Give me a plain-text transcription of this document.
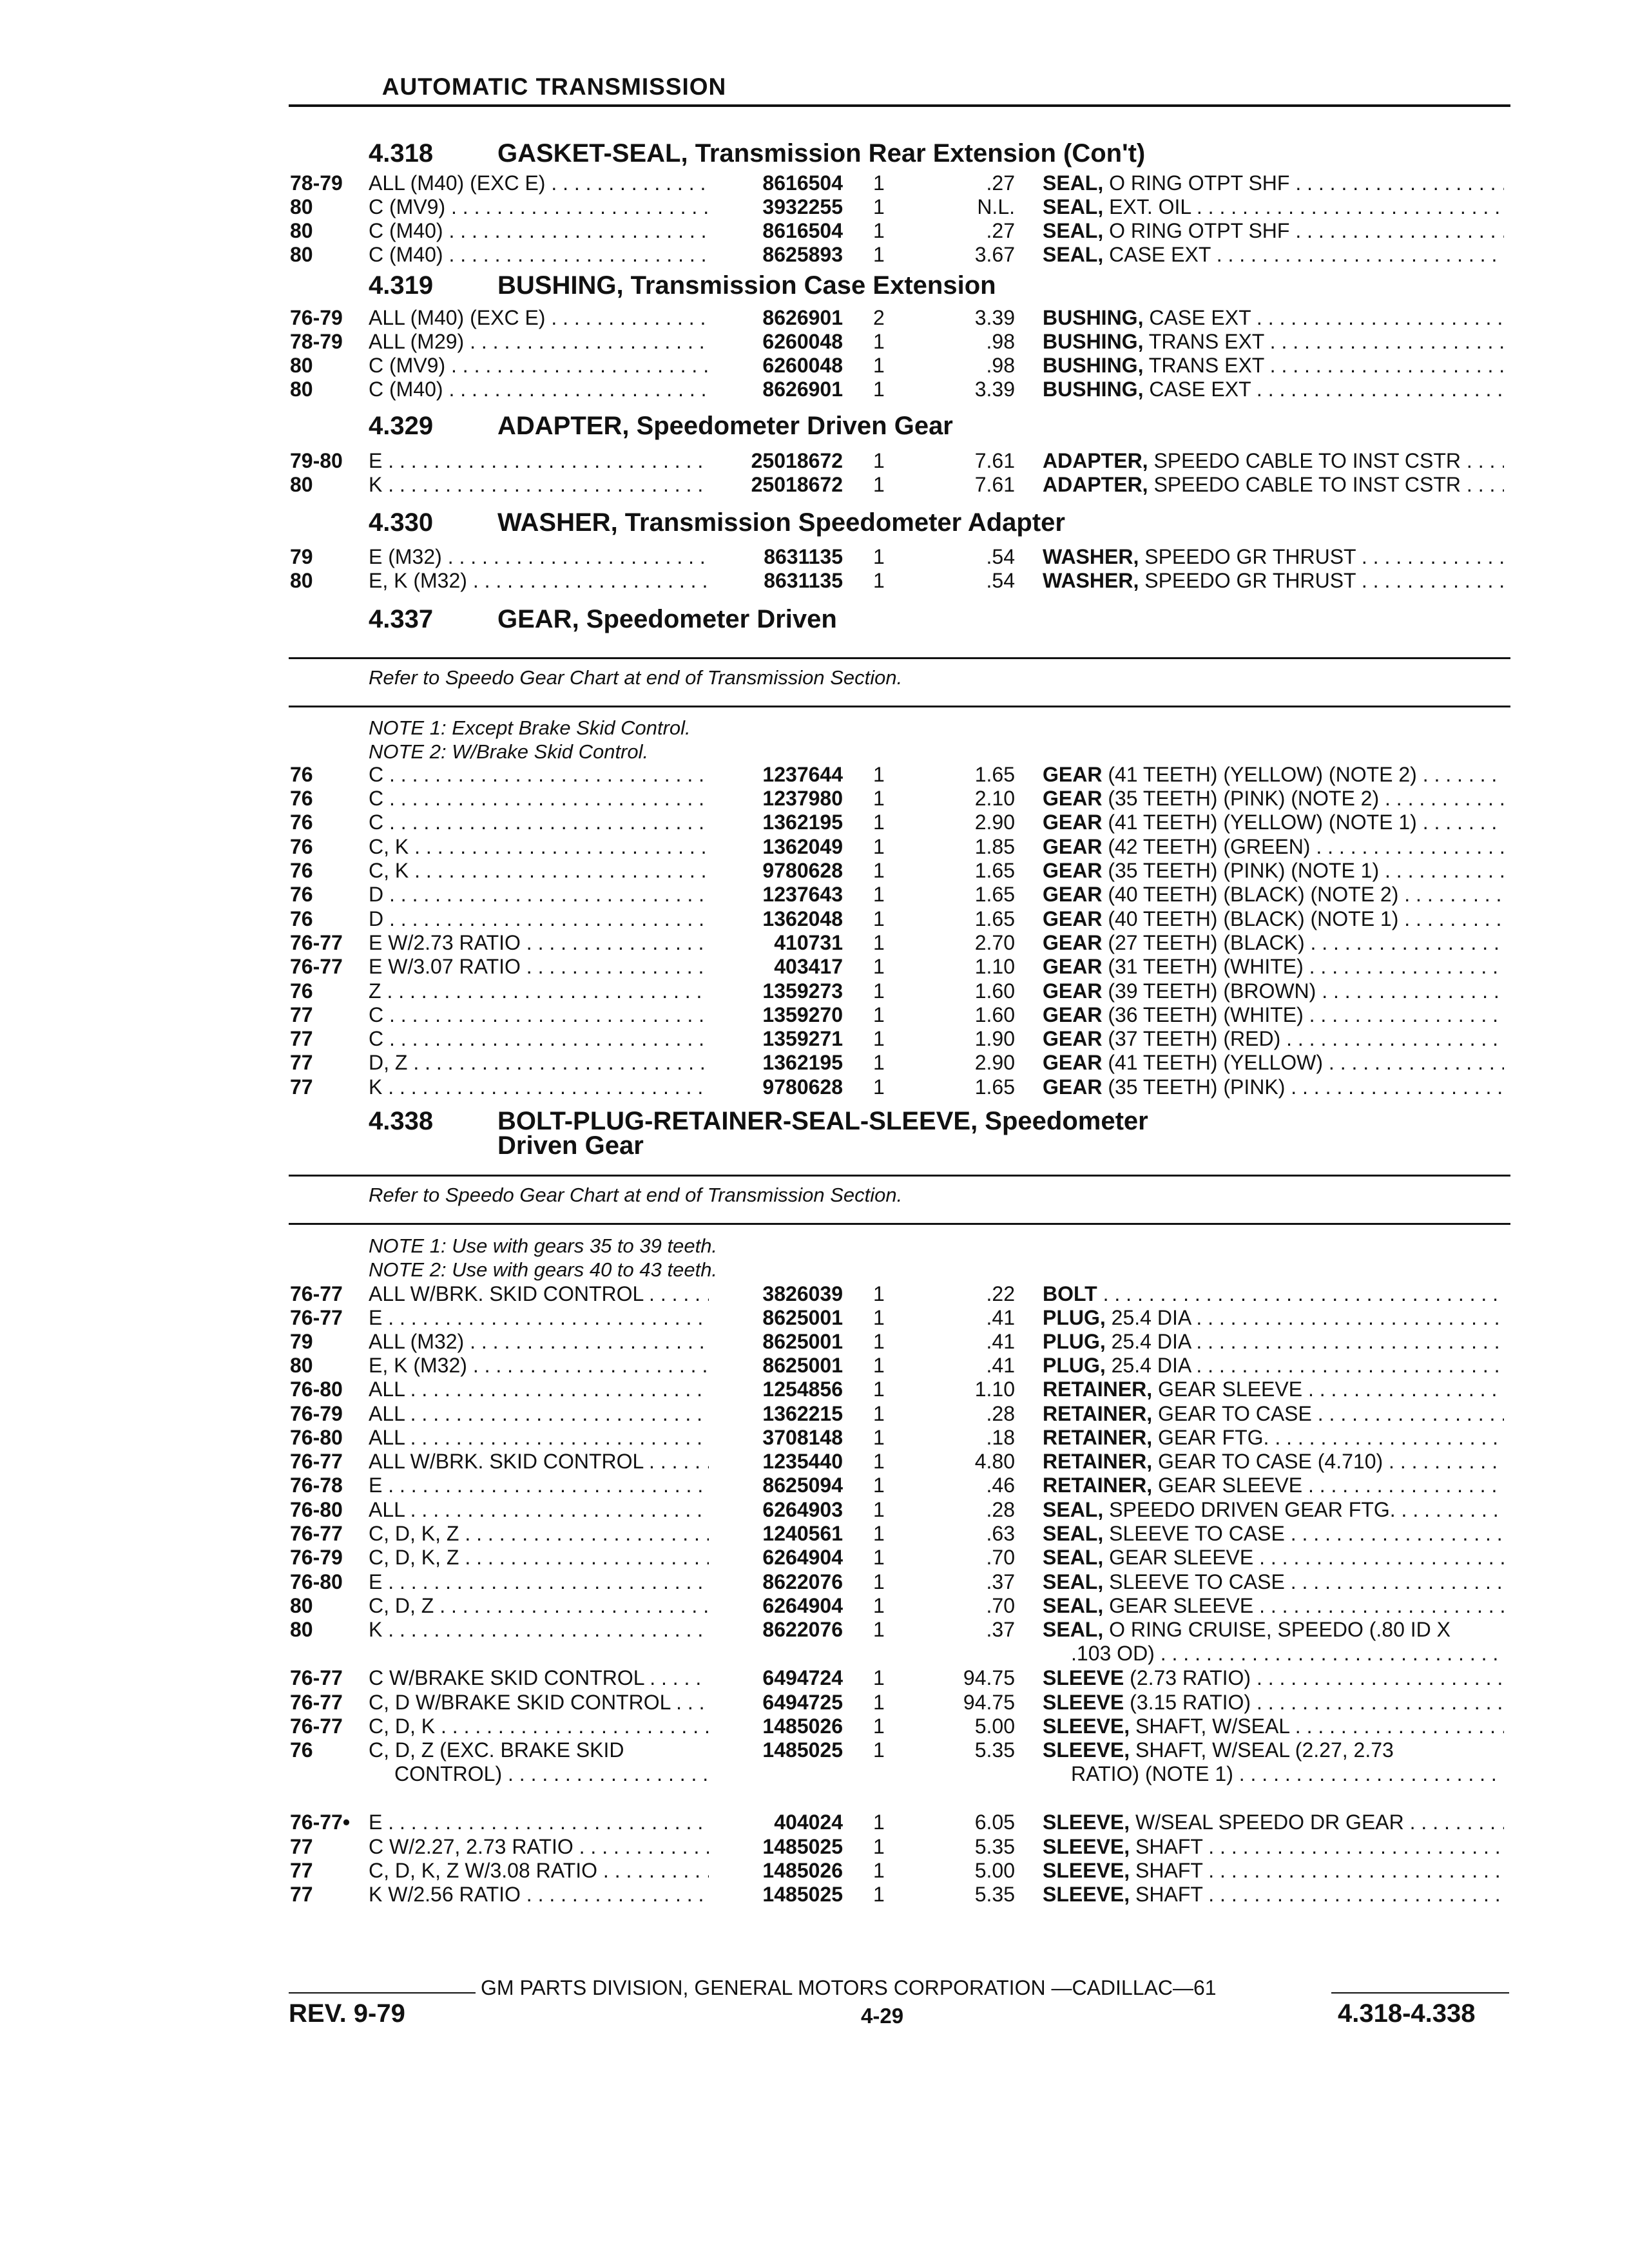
AUTOMATIC TRANSMISSION
4.318 GASKET-SEAL, Transmission Rear Extension (Con't)
78-79 ALL (M40) (EXC E) . . .	8616504 1	.27 SEAL, O RING OTPT SHF . . .
80	C (MV9) . . .	3932255 1	N.L. SEAL, EXT. OIL . . .
80	C (M40) . . .	8616504 1	.27 SEAL, O RING OTPT SHF . . .
80	C (M40) . . .	8625893 1	3.67 SEAL, CASE EXT . . .
4.319 BUSHING, Transmission Case Extension
76-79 ALL (M40) (EXC E) . . .	8626901 2	3.39 BUSHING, CASE EXT . . .
78-79 ALL (M29) . . .	6260048 1	.98 BUSHING, TRANS EXT . . .
80	C (MV9) . . .	6260048 1	.98 BUSHING, TRANS EXT . . .
80	C (M40) . . .	8626901 1	3.39 BUSHING, CASE EXT . . .
4.329 ADAPTER, Speedometer Driven Gear
79-80 E . . .	25018672 1	7.61 ADAPTER, SPEEDO CABLE TO INST CSTR . . .
80	K . . .	25018672 1	7.61 ADAPTER, SPEEDO CABLE TO INST CSTR . . .
4.330 WASHER, Transmission Speedometer Adapter
79	E (M32) . . .	8631135 1	.54 WASHER, SPEEDO GR THRUST . . .
80	E, K (M32) . . .	8631135 1	.54 WASHER, SPEEDO GR THRUST . . .
4.337 GEAR, Speedometer Driven
Refer to Speedo Gear Chart at end of Transmission Section.
NOTE 1: Except Brake Skid Control.
NOTE 2: W/Brake Skid Control.
76	C . . .	1237644 1	1.65 GEAR (41 TEETH) (YELLOW) (NOTE 2) . . .
76	C . . .	1237980 1	2.10 GEAR (35 TEETH) (PINK) (NOTE 2) . . .
76	C . . .	1362195 1	2.90 GEAR (41 TEETH) (YELLOW) (NOTE 1) . . .
76	C, K . . .	1362049 1	1.85 GEAR (42 TEETH) (GREEN) . . .
76	C, K . . .	9780628 1	1.65 GEAR (35 TEETH) (PINK) (NOTE 1) . . .
76	D . . .	1237643 1	1.65 GEAR (40 TEETH) (BLACK) (NOTE 2) . . .
76	D . . .	1362048 1	1.65 GEAR (40 TEETH) (BLACK) (NOTE 1) . . .
76-77 E W/2.73 RATIO . . .	410731 1	2.70 GEAR (27 TEETH) (BLACK) . . .
76-77 E W/3.07 RATIO . . .	403417 1	1.10 GEAR (31 TEETH) (WHITE) . . .
76	Z . . .	1359273 1	1.60 GEAR (39 TEETH) (BROWN) . . .
77	C . . .	1359270 1	1.60 GEAR (36 TEETH) (WHITE) . . .
77	C . . .	1359271 1	1.90 GEAR (37 TEETH) (RED) . . .
77	D, Z . . .	1362195 1	2.90 GEAR (41 TEETH) (YELLOW) . . .
77	K . . .	9780628 1	1.65 GEAR (35 TEETH) (PINK) . . .
4.338 BOLT-PLUG-RETAINER-SEAL-SLEEVE, Speedometer
Driven Gear
Refer to Speedo Gear Chart at end of Transmission Section.
NOTE 1: Use with gears 35 to 39 teeth.
NOTE 2: Use with gears 40 to 43 teeth.
76-77 ALL W/BRK. SKID CONTROL . . .	3826039 1	.22 BOLT . . .
76-77 E . . .	8625001 1	.41 PLUG, 25.4 DIA . . .
79	ALL (M32) . . .	8625001 1	.41 PLUG, 25.4 DIA . . .
80	E, K (M32) . . .	8625001 1	.41 PLUG, 25.4 DIA . . .
76-80 ALL . . .	1254856 1	1.10 RETAINER, GEAR SLEEVE . . .
76-79 ALL . . .	1362215 1	.28 RETAINER, GEAR TO CASE . . .
76-80 ALL . . .	3708148 1	.18 RETAINER, GEAR FTG. . . .
76-77 ALL W/BRK. SKID CONTROL . . .	1235440 1	4.80 RETAINER, GEAR TO CASE (4.710) . . .
76-78 E . . .	8625094 1	.46 RETAINER, GEAR SLEEVE . . .
76-80 ALL . . .	6264903 1	.28 SEAL, SPEEDO DRIVEN GEAR FTG. . . .
76-77 C, D, K, Z . . .	1240561 1	.63 SEAL, SLEEVE TO CASE . . .
76-79 C, D, K, Z . . .	6264904 1	.70 SEAL, GEAR SLEEVE . . .
76-80 E . . .	8622076 1	.37 SEAL, SLEEVE TO CASE . . .
80	C, D, Z . . .	6264904 1	.70 SEAL, GEAR SLEEVE . . .
80	K . . .	8622076 1	.37 SEAL, O RING CRUISE, SPEEDO (.80 ID X
.103 OD) . . .
76-77 C W/BRAKE SKID CONTROL . . .	6494724 1	94.75 SLEEVE (2.73 RATIO) . . .
76-77 C, D W/BRAKE SKID CONTROL . . .	6494725 1	94.75 SLEEVE (3.15 RATIO) . . .
76-77 C, D, K . . .	1485026 1	5.00 SLEEVE, SHAFT, W/SEAL . . .
76	C, D, Z (EXC. BRAKE SKID	1485025 1	5.35 SLEEVE, SHAFT, W/SEAL (2.27, 2.73
CONTROL) . . .	RATIO) (NOTE 1) . . .
76-77• E . . .	404024 1	6.05 SLEEVE, W/SEAL SPEEDO DR GEAR . . .
77	C W/2.27, 2.73 RATIO . . .	1485025 1	5.35 SLEEVE, SHAFT . . .
77	C, D, K, Z W/3.08 RATIO . . .	1485026 1	5.00 SLEEVE, SHAFT . . .
77	K W/2.56 RATIO . . .	1485025 1	5.35 SLEEVE, SHAFT . . .
GM PARTS DIVISION, GENERAL MOTORS CORPORATION —CADILLAC—61
REV. 9-79	4-29	4.318-4.338
